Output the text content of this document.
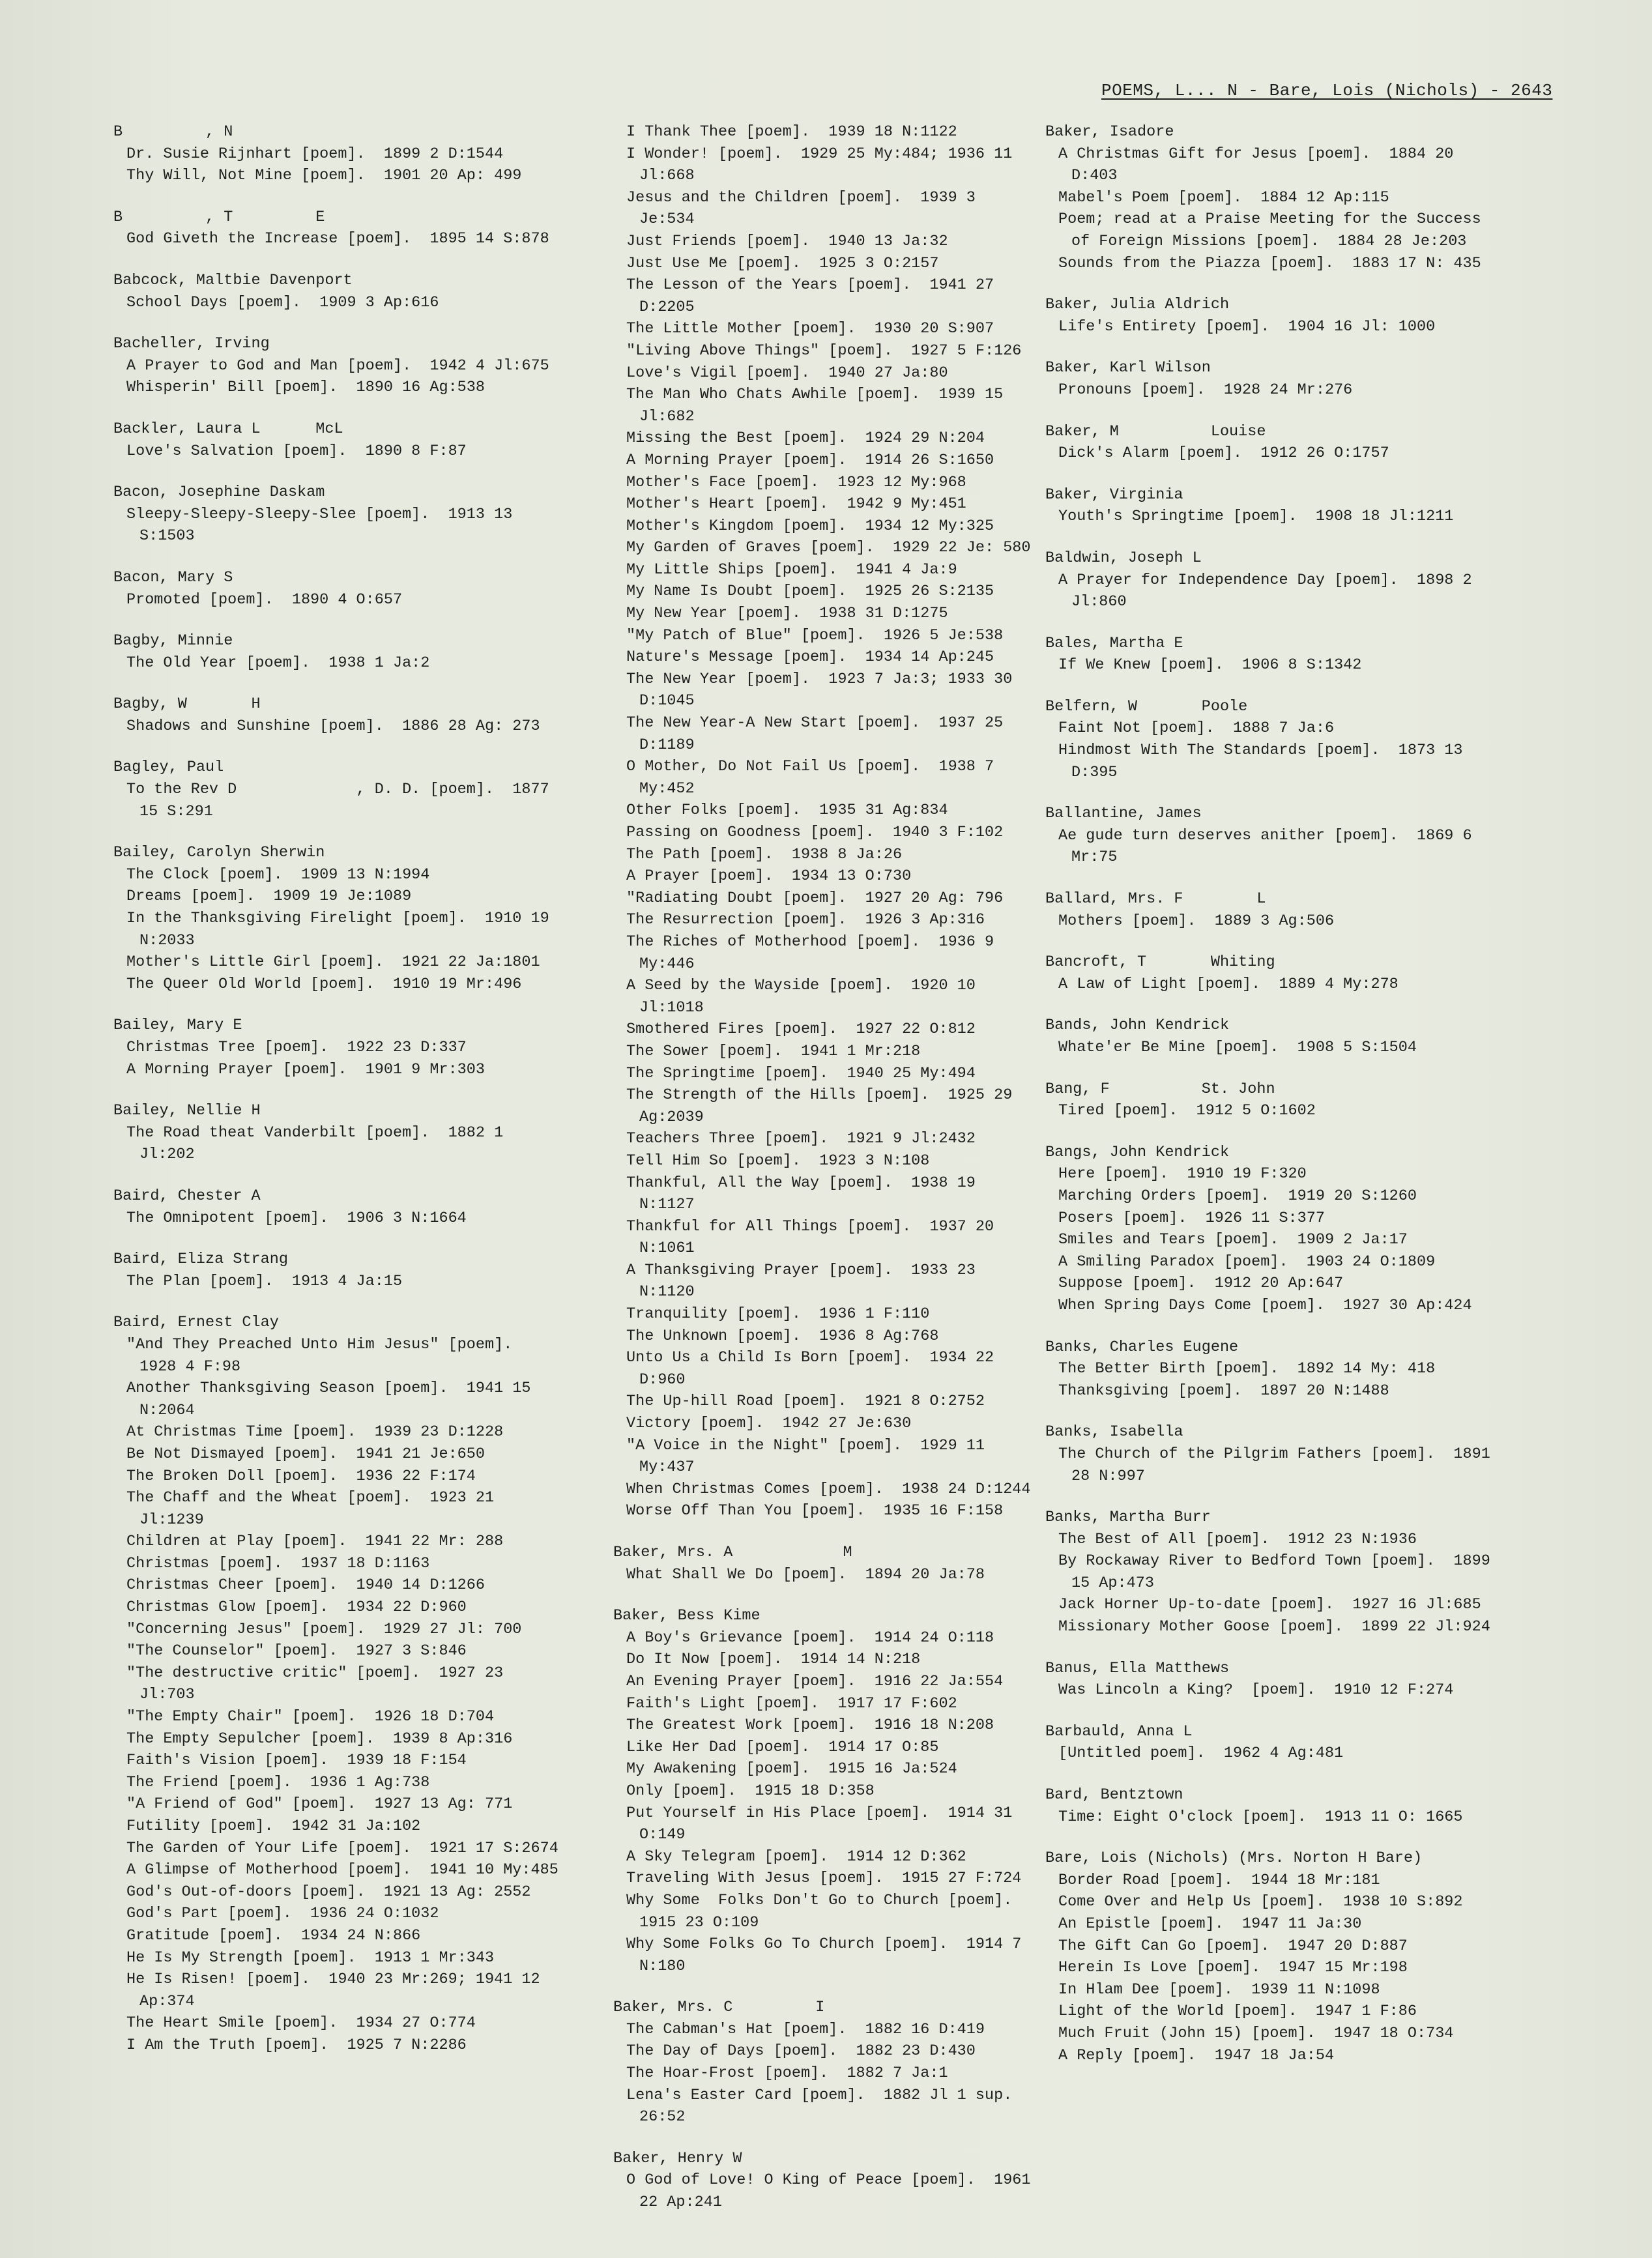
POEMS, L... N - Bare, Lois (Nichols) - 2643
B         , N
Dr. Susie Rijnhart [poem].  1899 2 D:1544
Thy Will, Not Mine [poem].  1901 20 Ap: 499
B         , T         E
God Giveth the Increase [poem].  1895 14 S:878
Babcock, Maltbie Davenport
School Days [poem].  1909 3 Ap:616
Bacheller, Irving
A Prayer to God and Man [poem].  1942 4 Jl:675
Whisperin' Bill [poem].  1890 16 Ag:538
Backler, Laura L      McL
Love's Salvation [poem].  1890 8 F:87
Bacon, Josephine Daskam
Sleepy-Sleepy-Sleepy-Slee [poem].  1913 13 S:1503
Bacon, Mary S
Promoted [poem].  1890 4 O:657
Bagby, Minnie
The Old Year [poem].  1938 1 Ja:2
Bagby, W       H
Shadows and Sunshine [poem].  1886 28 Ag: 273
Bagley, Paul
To the Rev D             , D. D. [poem].  1877 15 S:291
Bailey, Carolyn Sherwin
The Clock [poem].  1909 13 N:1994
Dreams [poem].  1909 19 Je:1089
In the Thanksgiving Firelight [poem].  1910 19 N:2033
Mother's Little Girl [poem].  1921 22 Ja:1801
The Queer Old World [poem].  1910 19 Mr:496
Bailey, Mary E
Christmas Tree [poem].  1922 23 D:337
A Morning Prayer [poem].  1901 9 Mr:303
Bailey, Nellie H
The Road theat Vanderbilt [poem].  1882 1 Jl:202
Baird, Chester A
The Omnipotent [poem].  1906 3 N:1664
Baird, Eliza Strang
The Plan [poem].  1913 4 Ja:15
Baird, Ernest Clay
"And They Preached Unto Him Jesus" [poem].  1928 4 F:98
Another Thanksgiving Season [poem].  1941 15 N:2064
At Christmas Time [poem].  1939 23 D:1228
Be Not Dismayed [poem].  1941 21 Je:650
The Broken Doll [poem].  1936 22 F:174
The Chaff and the Wheat [poem].  1923 21 Jl:1239
Children at Play [poem].  1941 22 Mr: 288
Christmas [poem].  1937 18 D:1163
Christmas Cheer [poem].  1940 14 D:1266
Christmas Glow [poem].  1934 22 D:960
"Concerning Jesus" [poem].  1929 27 Jl: 700
"The Counselor" [poem].  1927 3 S:846
"The destructive critic" [poem].  1927 23 Jl:703
"The Empty Chair" [poem].  1926 18 D:704
The Empty Sepulcher [poem].  1939 8 Ap:316
Faith's Vision [poem].  1939 18 F:154
The Friend [poem].  1936 1 Ag:738
"A Friend of God" [poem].  1927 13 Ag: 771
Futility [poem].  1942 31 Ja:102
The Garden of Your Life [poem].  1921 17 S:2674
A Glimpse of Motherhood [poem].  1941 10 My:485
God's Out-of-doors [poem].  1921 13 Ag: 2552
God's Part [poem].  1936 24 O:1032
Gratitude [poem].  1934 24 N:866
He Is My Strength [poem].  1913 1 Mr:343
He Is Risen! [poem].  1940 23 Mr:269; 1941 12 Ap:374
The Heart Smile [poem].  1934 27 O:774
I Am the Truth [poem].  1925 7 N:2286
I Thank Thee [poem].  1939 18 N:1122
I Wonder! [poem].  1929 25 My:484; 1936 11 Jl:668
Jesus and the Children [poem].  1939 3 Je:534
Just Friends [poem].  1940 13 Ja:32
Just Use Me [poem].  1925 3 O:2157
The Lesson of the Years [poem].  1941 27 D:2205
The Little Mother [poem].  1930 20 S:907
"Living Above Things" [poem].  1927 5 F:126
Love's Vigil [poem].  1940 27 Ja:80
The Man Who Chats Awhile [poem].  1939 15 Jl:682
Missing the Best [poem].  1924 29 N:204
A Morning Prayer [poem].  1914 26 S:1650
Mother's Face [poem].  1923 12 My:968
Mother's Heart [poem].  1942 9 My:451
Mother's Kingdom [poem].  1934 12 My:325
My Garden of Graves [poem].  1929 22 Je: 580
My Little Ships [poem].  1941 4 Ja:9
My Name Is Doubt [poem].  1925 26 S:2135
My New Year [poem].  1938 31 D:1275
"My Patch of Blue" [poem].  1926 5 Je:538
Nature's Message [poem].  1934 14 Ap:245
The New Year [poem].  1923 7 Ja:3; 1933 30 D:1045
The New Year-A New Start [poem].  1937 25 D:1189
O Mother, Do Not Fail Us [poem].  1938 7 My:452
Other Folks [poem].  1935 31 Ag:834
Passing on Goodness [poem].  1940 3 F:102
The Path [poem].  1938 8 Ja:26
A Prayer [poem].  1934 13 O:730
"Radiating Doubt [poem].  1927 20 Ag: 796
The Resurrection [poem].  1926 3 Ap:316
The Riches of Motherhood [poem].  1936 9 My:446
A Seed by the Wayside [poem].  1920 10 Jl:1018
Smothered Fires [poem].  1927 22 O:812
The Sower [poem].  1941 1 Mr:218
The Springtime [poem].  1940 25 My:494
The Strength of the Hills [poem].  1925 29 Ag:2039
Teachers Three [poem].  1921 9 Jl:2432
Tell Him So [poem].  1923 3 N:108
Thankful, All the Way [poem].  1938 19 N:1127
Thankful for All Things [poem].  1937 20 N:1061
A Thanksgiving Prayer [poem].  1933 23 N:1120
Tranquility [poem].  1936 1 F:110
The Unknown [poem].  1936 8 Ag:768
Unto Us a Child Is Born [poem].  1934 22 D:960
The Up-hill Road [poem].  1921 8 O:2752
Victory [poem].  1942 27 Je:630
"A Voice in the Night" [poem].  1929 11 My:437
When Christmas Comes [poem].  1938 24 D:1244
Worse Off Than You [poem].  1935 16 F:158
Baker, Mrs. A            M
What Shall We Do [poem].  1894 20 Ja:78
Baker, Bess Kime
A Boy's Grievance [poem].  1914 24 O:118
Do It Now [poem].  1914 14 N:218
An Evening Prayer [poem].  1916 22 Ja:554
Faith's Light [poem].  1917 17 F:602
The Greatest Work [poem].  1916 18 N:208
Like Her Dad [poem].  1914 17 O:85
My Awakening [poem].  1915 16 Ja:524
Only [poem].  1915 18 D:358
Put Yourself in His Place [poem].  1914 31 O:149
A Sky Telegram [poem].  1914 12 D:362
Traveling With Jesus [poem].  1915 27 F:724
Why Some  Folks Don't Go to Church [poem].  1915 23 O:109
Why Some Folks Go To Church [poem].  1914 7 N:180
Baker, Mrs. C         I
The Cabman's Hat [poem].  1882 16 D:419
The Day of Days [poem].  1882 23 D:430
The Hoar-Frost [poem].  1882 7 Ja:1
Lena's Easter Card [poem].  1882 Jl 1 sup. 26:52
Baker, Henry W
O God of Love! O King of Peace [poem].  1961 22 Ap:241
Baker, Isadore
A Christmas Gift for Jesus [poem].  1884 20 D:403
Mabel's Poem [poem].  1884 12 Ap:115
Poem; read at a Praise Meeting for the Success of Foreign Missions [poem].  1884 28 Je:203
Sounds from the Piazza [poem].  1883 17 N: 435
Baker, Julia Aldrich
Life's Entirety [poem].  1904 16 Jl: 1000
Baker, Karl Wilson
Pronouns [poem].  1928 24 Mr:276
Baker, M          Louise
Dick's Alarm [poem].  1912 26 O:1757
Baker, Virginia
Youth's Springtime [poem].  1908 18 Jl:1211
Baldwin, Joseph L
A Prayer for Independence Day [poem].  1898 2 Jl:860
Bales, Martha E
If We Knew [poem].  1906 8 S:1342
Belfern, W       Poole
Faint Not [poem].  1888 7 Ja:6
Hindmost With The Standards [poem].  1873 13 D:395
Ballantine, James
Ae gude turn deserves anither [poem].  1869 6 Mr:75
Ballard, Mrs. F        L
Mothers [poem].  1889 3 Ag:506
Bancroft, T       Whiting
A Law of Light [poem].  1889 4 My:278
Bands, John Kendrick
Whate'er Be Mine [poem].  1908 5 S:1504
Bang, F          St. John
Tired [poem].  1912 5 O:1602
Bangs, John Kendrick
Here [poem].  1910 19 F:320
Marching Orders [poem].  1919 20 S:1260
Posers [poem].  1926 11 S:377
Smiles and Tears [poem].  1909 2 Ja:17
A Smiling Paradox [poem].  1903 24 O:1809
Suppose [poem].  1912 20 Ap:647
When Spring Days Come [poem].  1927 30 Ap:424
Banks, Charles Eugene
The Better Birth [poem].  1892 14 My: 418
Thanksgiving [poem].  1897 20 N:1488
Banks, Isabella
The Church of the Pilgrim Fathers [poem].  1891 28 N:997
Banks, Martha Burr
The Best of All [poem].  1912 23 N:1936
By Rockaway River to Bedford Town [poem].  1899 15 Ap:473
Jack Horner Up-to-date [poem].  1927 16 Jl:685
Missionary Mother Goose [poem].  1899 22 Jl:924
Banus, Ella Matthews
Was Lincoln a King?  [poem].  1910 12 F:274
Barbauld, Anna L
[Untitled poem].  1962 4 Ag:481
Bard, Bentztown
Time: Eight O'clock [poem].  1913 11 O: 1665
Bare, Lois (Nichols) (Mrs. Norton H Bare)
Border Road [poem].  1944 18 Mr:181
Come Over and Help Us [poem].  1938 10 S:892
An Epistle [poem].  1947 11 Ja:30
The Gift Can Go [poem].  1947 20 D:887
Herein Is Love [poem].  1947 15 Mr:198
In Hlam Dee [poem].  1939 11 N:1098
Light of the World [poem].  1947 1 F:86
Much Fruit (John 15) [poem].  1947 18 O:734
A Reply [poem].  1947 18 Ja:54
